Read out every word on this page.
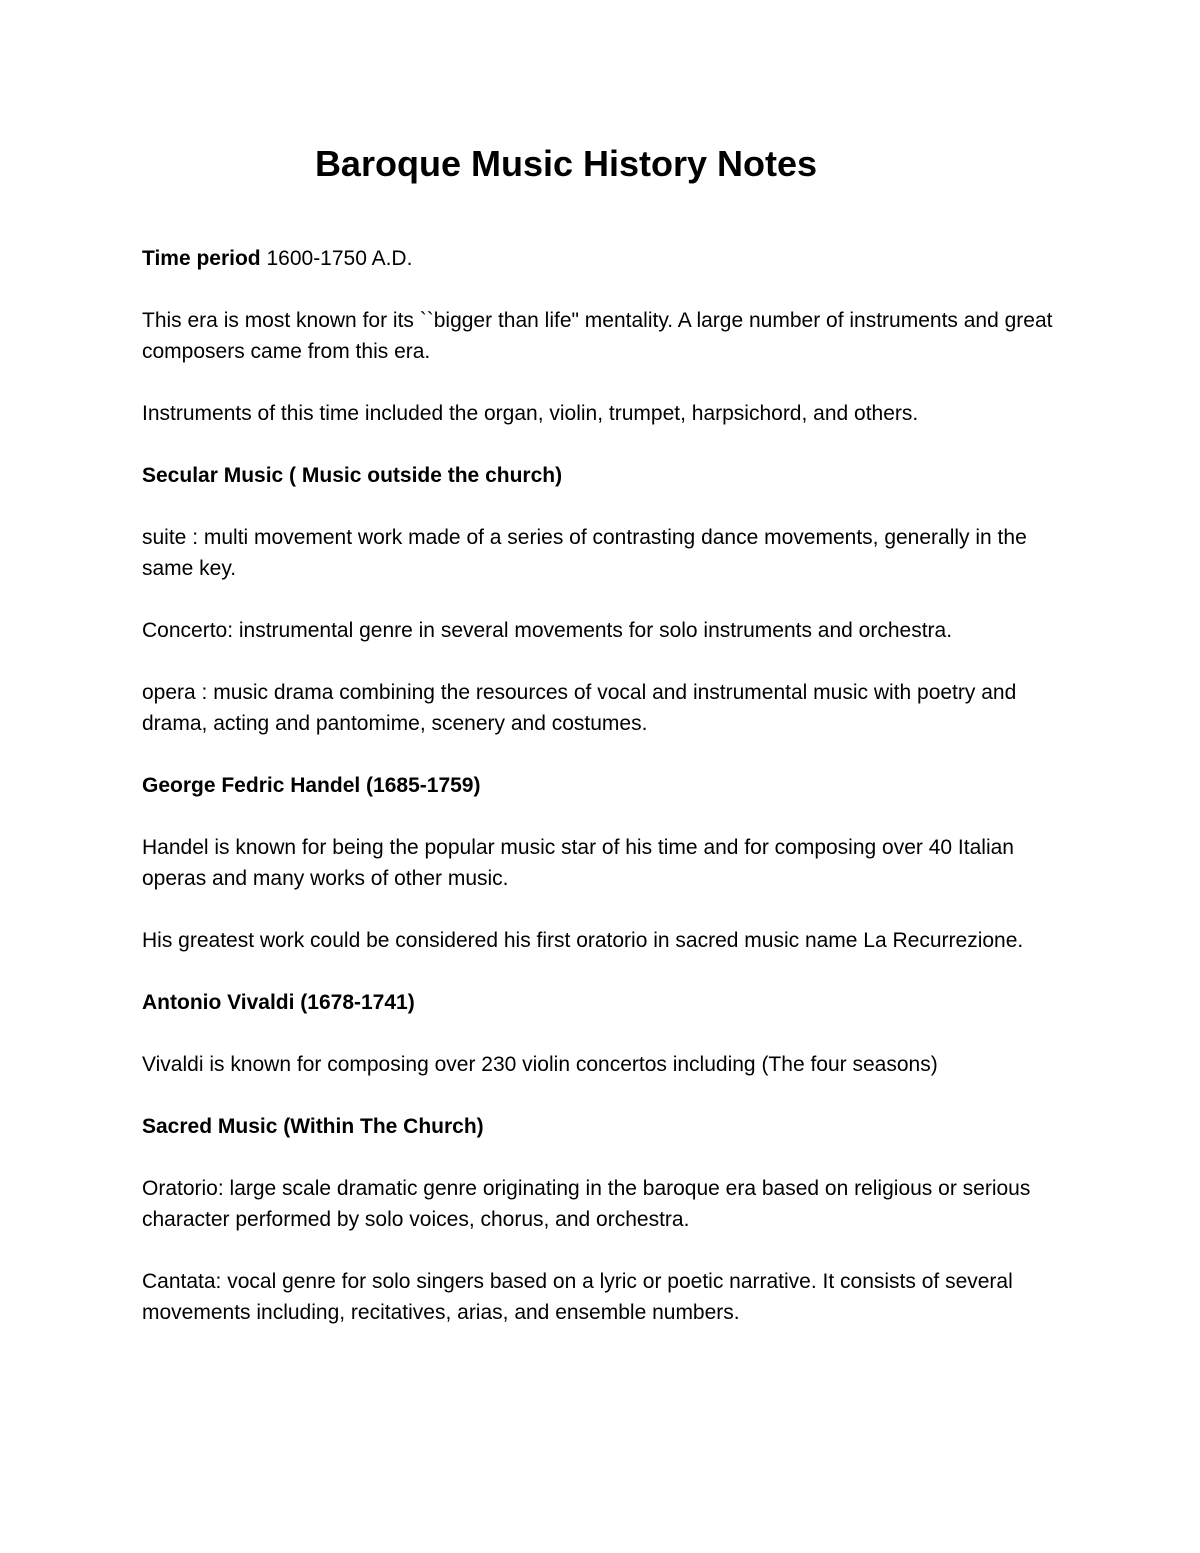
Baroque Music History Notes

Time period 1600-1750 A.D.

This era is most known for its ``bigger than life" mentality. A large number of instruments and great composers came from this era.

Instruments of this time included the organ, violin, trumpet, harpsichord, and others.

Secular Music ( Music outside the church)

suite : multi movement work made of a series of contrasting dance movements, generally in the same key.

Concerto: instrumental genre in several movements for solo instruments and orchestra.

opera : music drama combining the resources of vocal and instrumental music with poetry and drama, acting and pantomime, scenery and costumes.

George Fedric Handel (1685-1759)

Handel is known for being the popular music star of his time and for composing over 40 Italian operas and many works of other music.

His greatest work could be considered his first oratorio in sacred music name La Recurrezione.

Antonio Vivaldi (1678-1741)

Vivaldi is known for composing over 230 violin concertos including (The four seasons)

Sacred Music (Within The Church)

Oratorio: large scale dramatic genre originating in the baroque era based on religious or serious character performed by solo voices, chorus, and orchestra.

Cantata: vocal genre for solo singers based on a lyric or poetic narrative. It consists of several movements including, recitatives, arias, and ensemble numbers.
